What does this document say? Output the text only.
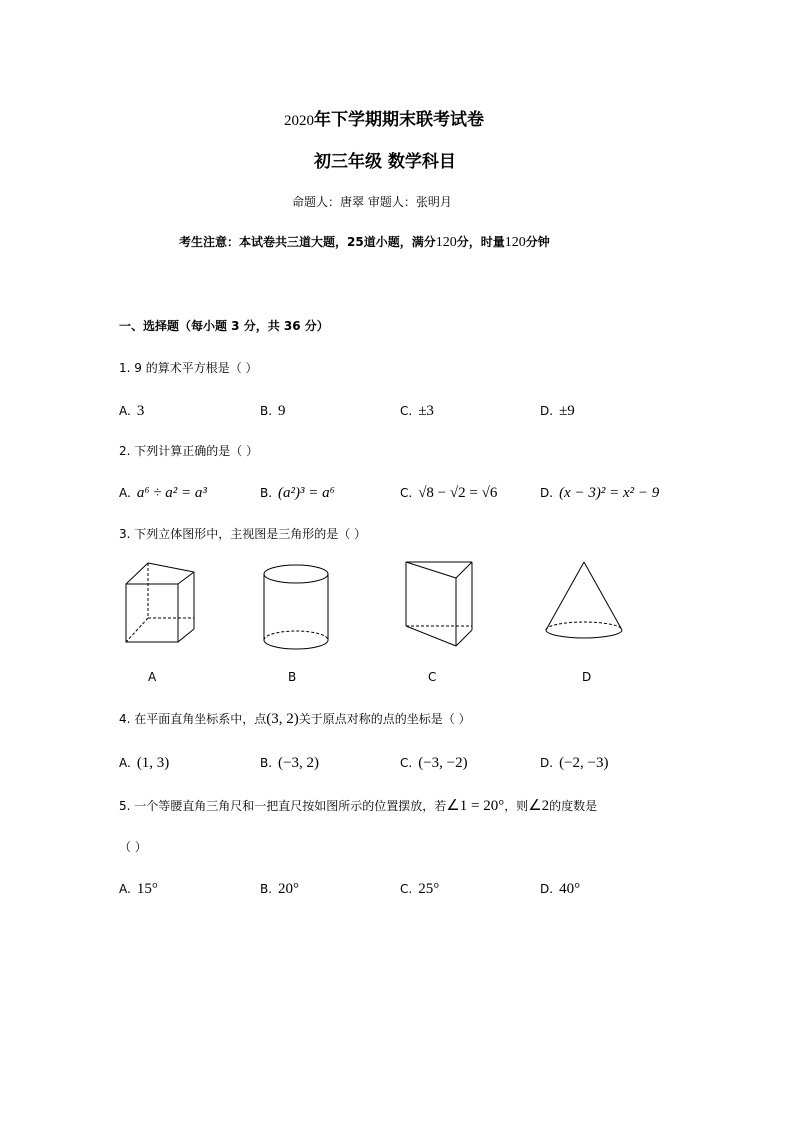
2020年下学期期末联考试卷
初三年级 数学科目
命题人：唐翠 审题人：张明月
考生注意：本试卷共三道大题，25道小题，满分120分，时量120分钟
一、选择题（每小题 3 分，共 36 分）
1. 9 的算术平方根是（ ）
A. 3	B. 9	C. ±3	D. ±9
2. 下列计算正确的是（ ）
A. a⁶ ÷ a² = a³	B. (a²)³ = a⁶	C. √8 − √2 = √6	D. (x − 3)² = x² − 9
3. 下列立体图形中，主视图是三角形的是（ ）
A	B	C	D
4. 在平面直角坐标系中，点(3, 2)关于原点对称的点的坐标是（ ）
A. (1, 3)	B. (−3, 2)	C. (−3, −2)	D. (−2, −3)
5. 一个等腰直角三角尺和一把直尺按如图所示的位置摆放，若∠1 = 20°，则∠2的度数是
（ ）
A. 15°	B. 20°	C. 25°	D. 40°
